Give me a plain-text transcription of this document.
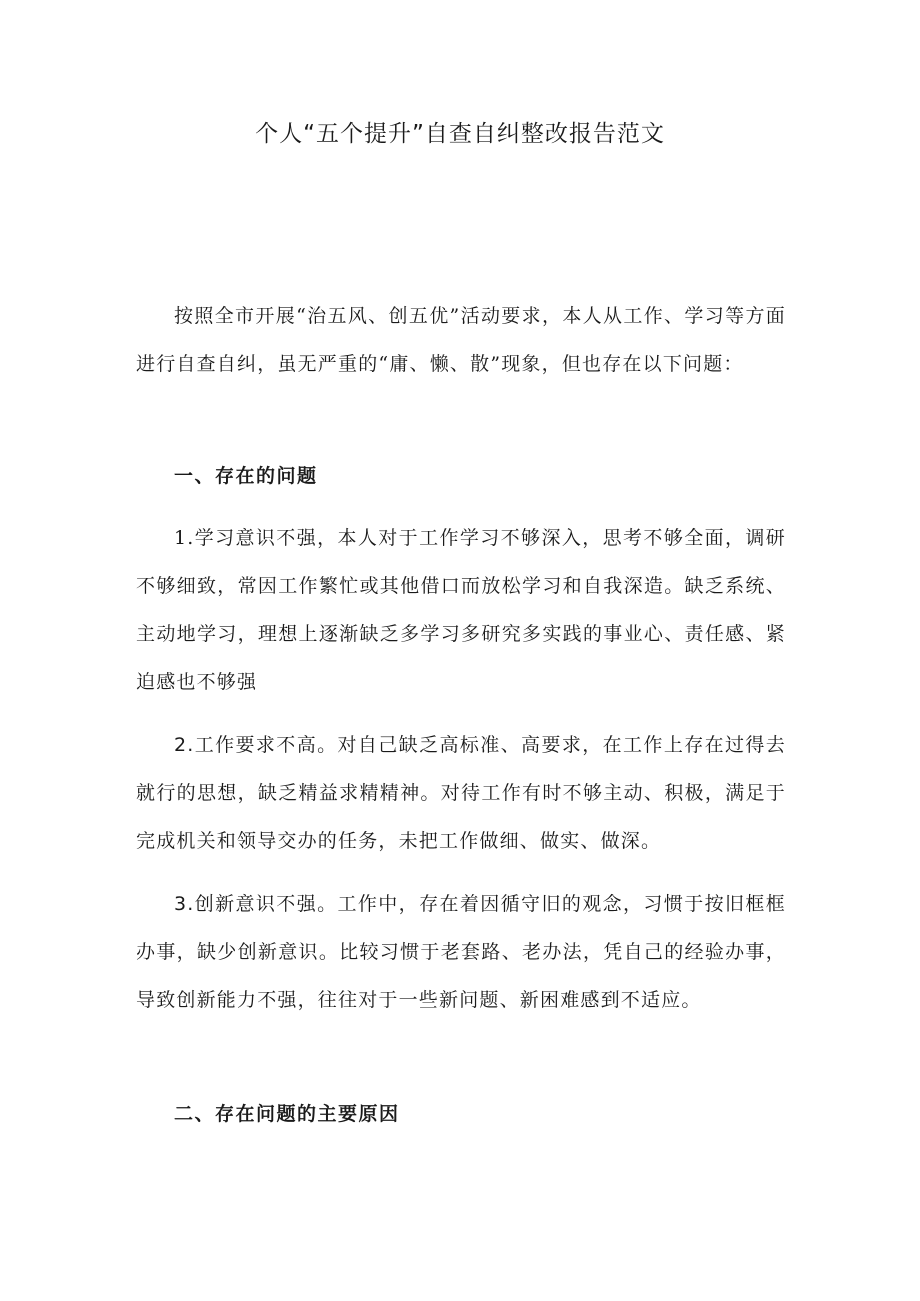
个人“五个提升”自查自纠整改报告范文

按照全市开展“治五风、创五优”活动要求，本人从工作、学习等方面进行自查自纠，虽无严重的“庸、懒、散”现象，但也存在以下问题：

一、存在的问题

1.学习意识不强，本人对于工作学习不够深入，思考不够全面，调研不够细致，常因工作繁忙或其他借口而放松学习和自我深造。缺乏系统、主动地学习，理想上逐渐缺乏多学习多研究多实践的事业心、责任感、紧迫感也不够强

2.工作要求不高。对自己缺乏高标准、高要求，在工作上存在过得去就行的思想，缺乏精益求精精神。对待工作有时不够主动、积极，满足于完成机关和领导交办的任务，未把工作做细、做实、做深。

3.创新意识不强。工作中，存在着因循守旧的观念，习惯于按旧框框办事，缺少创新意识。比较习惯于老套路、老办法，凭自己的经验办事，导致创新能力不强，往往对于一些新问题、新困难感到不适应。

二、存在问题的主要原因
